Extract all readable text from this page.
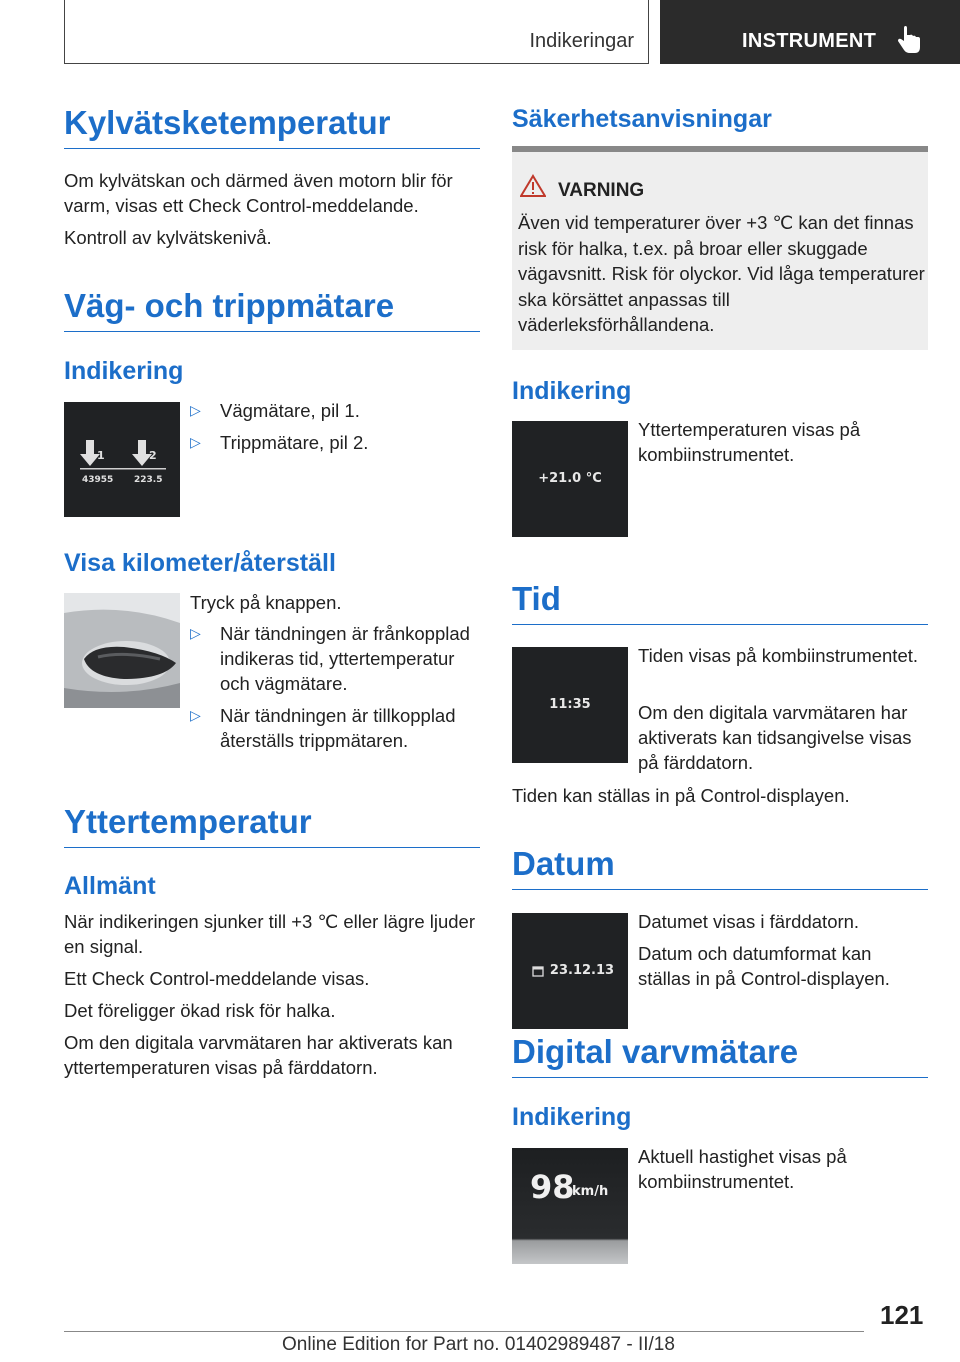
Indikeringar	INSTRUMENT
Kylvätsketemperatur
Om kylvätskan och därmed även motorn blir för varm, visas ett Check Control-meddelande.
Kontroll av kylvätskenivå.
Väg- och trippmätare
Indikering
1	2
43955 223.5
▷ Vägmätare, pil 1.
▷ Trippmätare, pil 2.
Visa kilometer/återställ
Tryck på knappen.
▷ När tändningen är frånkopplad indikeras tid, yttertemperatur och vägmätare.
▷ När tändningen är tillkopplad återställs trippmätaren.
Yttertemperatur
Allmänt
När indikeringen sjunker till +3 ℃ eller lägre ljuder en signal.
Ett Check Control-meddelande visas.
Det föreligger ökad risk för halka.
Om den digitala varvmätaren har aktiverats kan yttertemperaturen visas på färddatorn.
Säkerhetsanvisningar
VARNING
Även vid temperaturer över +3 ℃ kan det finnas risk för halka, t.ex. på broar eller skuggade vägavsnitt. Risk för olyckor. Vid låga temperaturer ska körsättet anpassas till väderleksförhållandena.
Indikering
+21.0 °C
Yttertemperaturen visas på kombiinstrumentet.
Tid
11:35
Tiden visas på kombiinstrumentet.
Om den digitala varvmätaren har aktiverats kan tidsangivelse visas på färddatorn.
Tiden kan ställas in på Control-displayen.
Datum
23.12.13
Datumet visas i färddatorn.
Datum och datumformat kan ställas in på Control-displayen.
Digital varvmätare
Indikering
98
km/h
Aktuell hastighet visas på kombiinstrumentet.
121
Online Edition for Part no. 01402989487 - II/18
